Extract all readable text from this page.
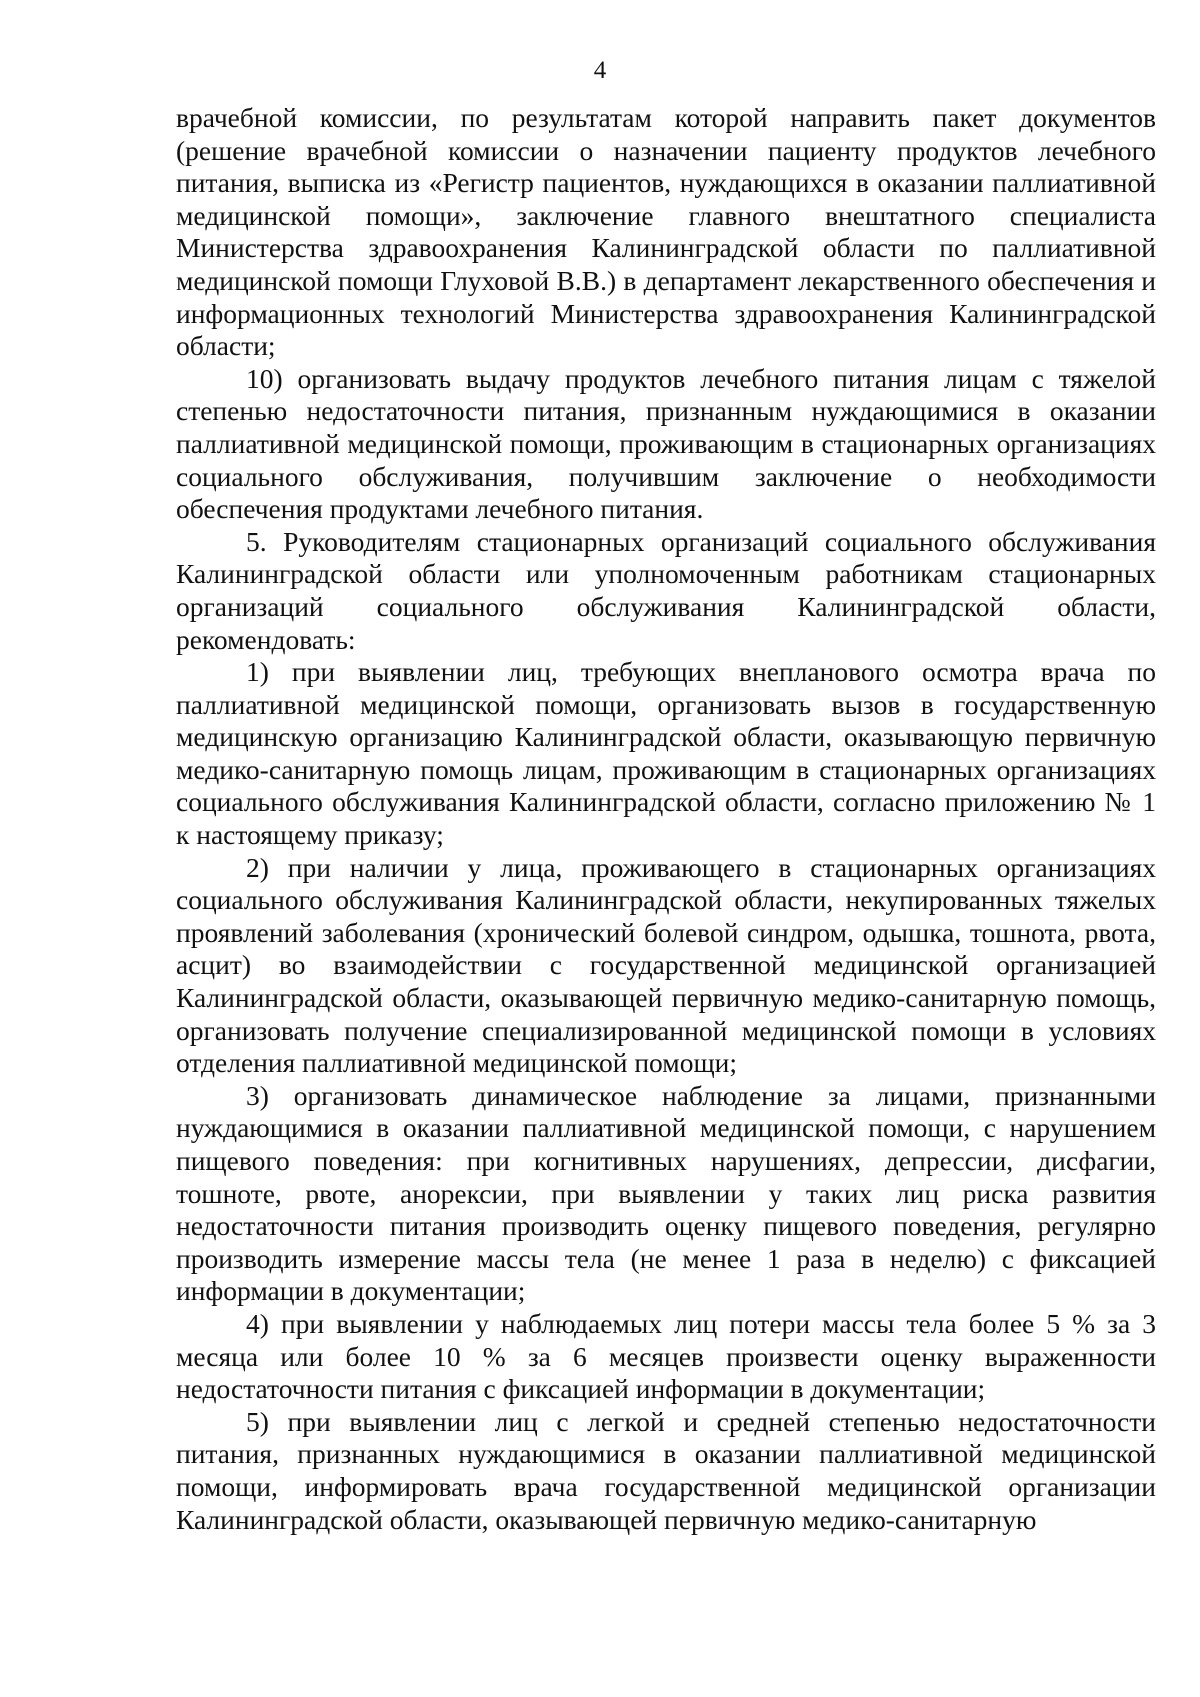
4

врачебной комиссии, по результатам которой направить пакет документов (решение врачебной комиссии о назначении пациенту продуктов лечебного питания, выписка из «Регистр пациентов, нуждающихся в оказании паллиативной медицинской помощи», заключение главного внештатного специалиста Министерства здравоохранения Калининградской области по паллиативной медицинской помощи Глуховой В.В.) в департамент лекарственного обеспечения и информационных технологий Министерства здравоохранения Калининградской области;

10) организовать выдачу продуктов лечебного питания лицам с тяжелой степенью недостаточности питания, признанным нуждающимися в оказании паллиативной медицинской помощи, проживающим в стационарных организациях социального обслуживания, получившим заключение о необходимости обеспечения продуктами лечебного питания.

5. Руководителям стационарных организаций социального обслуживания Калининградской области или уполномоченным работникам стационарных организаций социального обслуживания Калининградской области, рекомендовать:

1) при выявлении лиц, требующих внепланового осмотра врача по паллиативной медицинской помощи, организовать вызов в государственную медицинскую организацию Калининградской области, оказывающую первичную медико-санитарную помощь лицам, проживающим в стационарных организациях социального обслуживания Калининградской области, согласно приложению № 1 к настоящему приказу;

2) при наличии у лица, проживающего в стационарных организациях социального обслуживания Калининградской области, некупированных тяжелых проявлений заболевания (хронический болевой синдром, одышка, тошнота, рвота, асцит) во взаимодействии с государственной медицинской организацией Калининградской области, оказывающей первичную медико-санитарную помощь, организовать получение специализированной медицинской помощи в условиях отделения паллиативной медицинской помощи;

3) организовать динамическое наблюдение за лицами, признанными нуждающимися в оказании паллиативной медицинской помощи, с нарушением пищевого поведения: при когнитивных нарушениях, депрессии, дисфагии, тошноте, рвоте, анорексии, при выявлении у таких лиц риска развития недостаточности питания производить оценку пищевого поведения, регулярно производить измерение массы тела (не менее 1 раза в неделю) с фиксацией информации в документации;

4) при выявлении у наблюдаемых лиц потери массы тела более 5 % за 3 месяца или более 10 % за 6 месяцев произвести оценку выраженности недостаточности питания с фиксацией информации в документации;

5) при выявлении лиц с легкой и средней степенью недостаточности питания, признанных нуждающимися в оказании паллиативной медицинской помощи, информировать врача государственной медицинской организации Калининградской области, оказывающей первичную медико-санитарную
